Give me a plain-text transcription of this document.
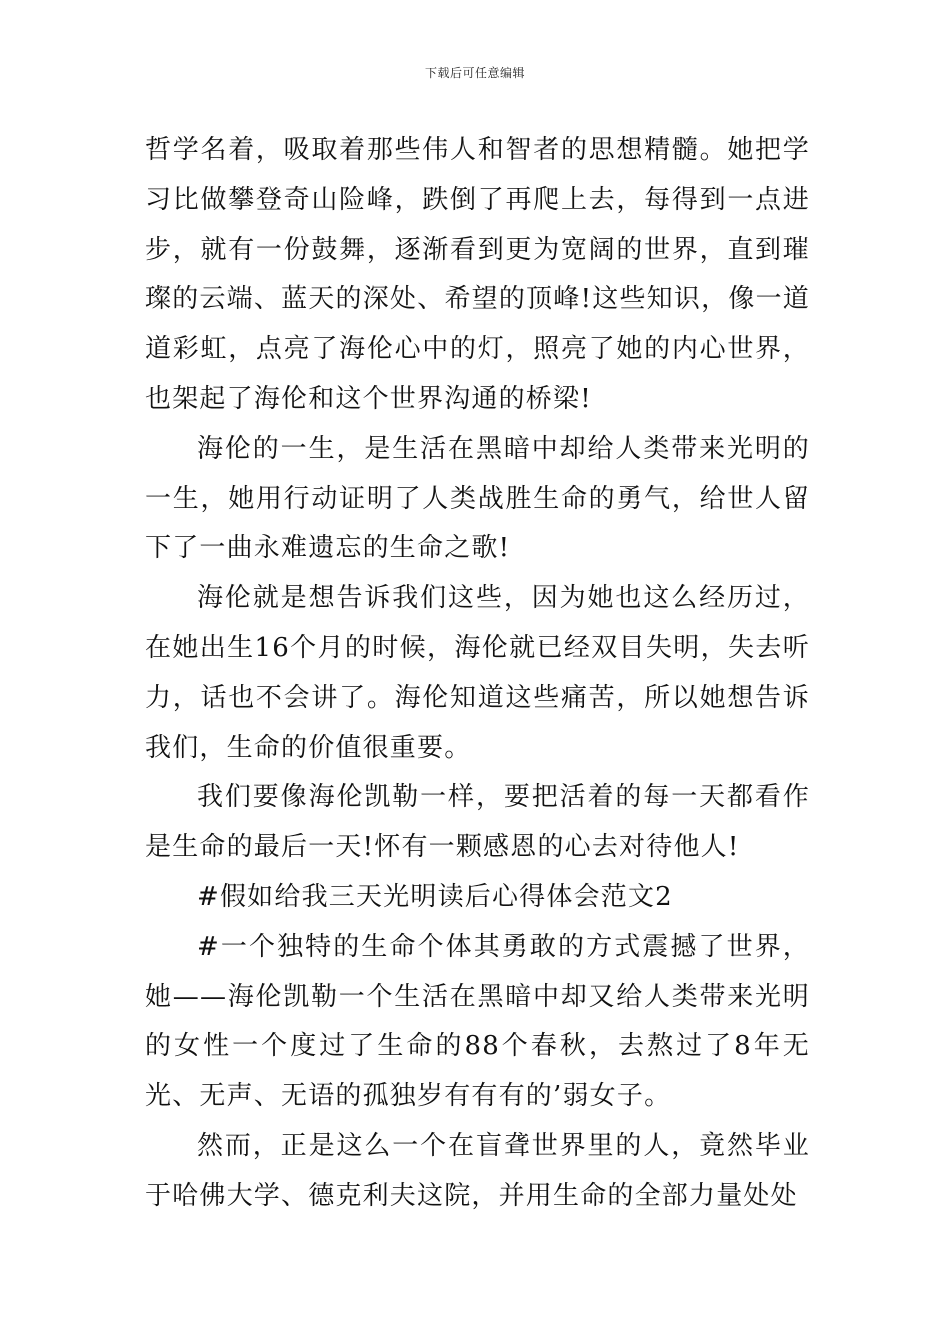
下载后可任意编辑

哲学名着，吸取着那些伟人和智者的思想精髓。她把学习比做攀登奇山险峰，跌倒了再爬上去，每得到一点进步，就有一份鼓舞，逐渐看到更为宽阔的世界，直到璀璨的云端、蓝天的深处、希望的顶峰!这些知识，像一道道彩虹，点亮了海伦心中的灯，照亮了她的内心世界，也架起了海伦和这个世界沟通的桥梁!

海伦的一生，是生活在黑暗中却给人类带来光明的一生，她用行动证明了人类战胜生命的勇气，给世人留下了一曲永难遗忘的生命之歌!

海伦就是想告诉我们这些，因为她也这么经历过，在她出生16个月的时候，海伦就已经双目失明，失去听力，话也不会讲了。海伦知道这些痛苦，所以她想告诉我们，生命的价值很重要。

我们要像海伦凯勒一样，要把活着的每一天都看作是生命的最后一天!怀有一颗感恩的心去对待他人!

#假如给我三天光明读后心得体会范文2

#一个独特的生命个体其勇敢的方式震撼了世界，她——海伦凯勒一个生活在黑暗中却又给人类带来光明的女性一个度过了生命的88个春秋，去熬过了8年无光、无声、无语的孤独岁有有有的’弱女子。

然而，正是这么一个在盲聋世界里的人，竟然毕业于哈佛大学、德克利夫这院，并用生命的全部力量处处
